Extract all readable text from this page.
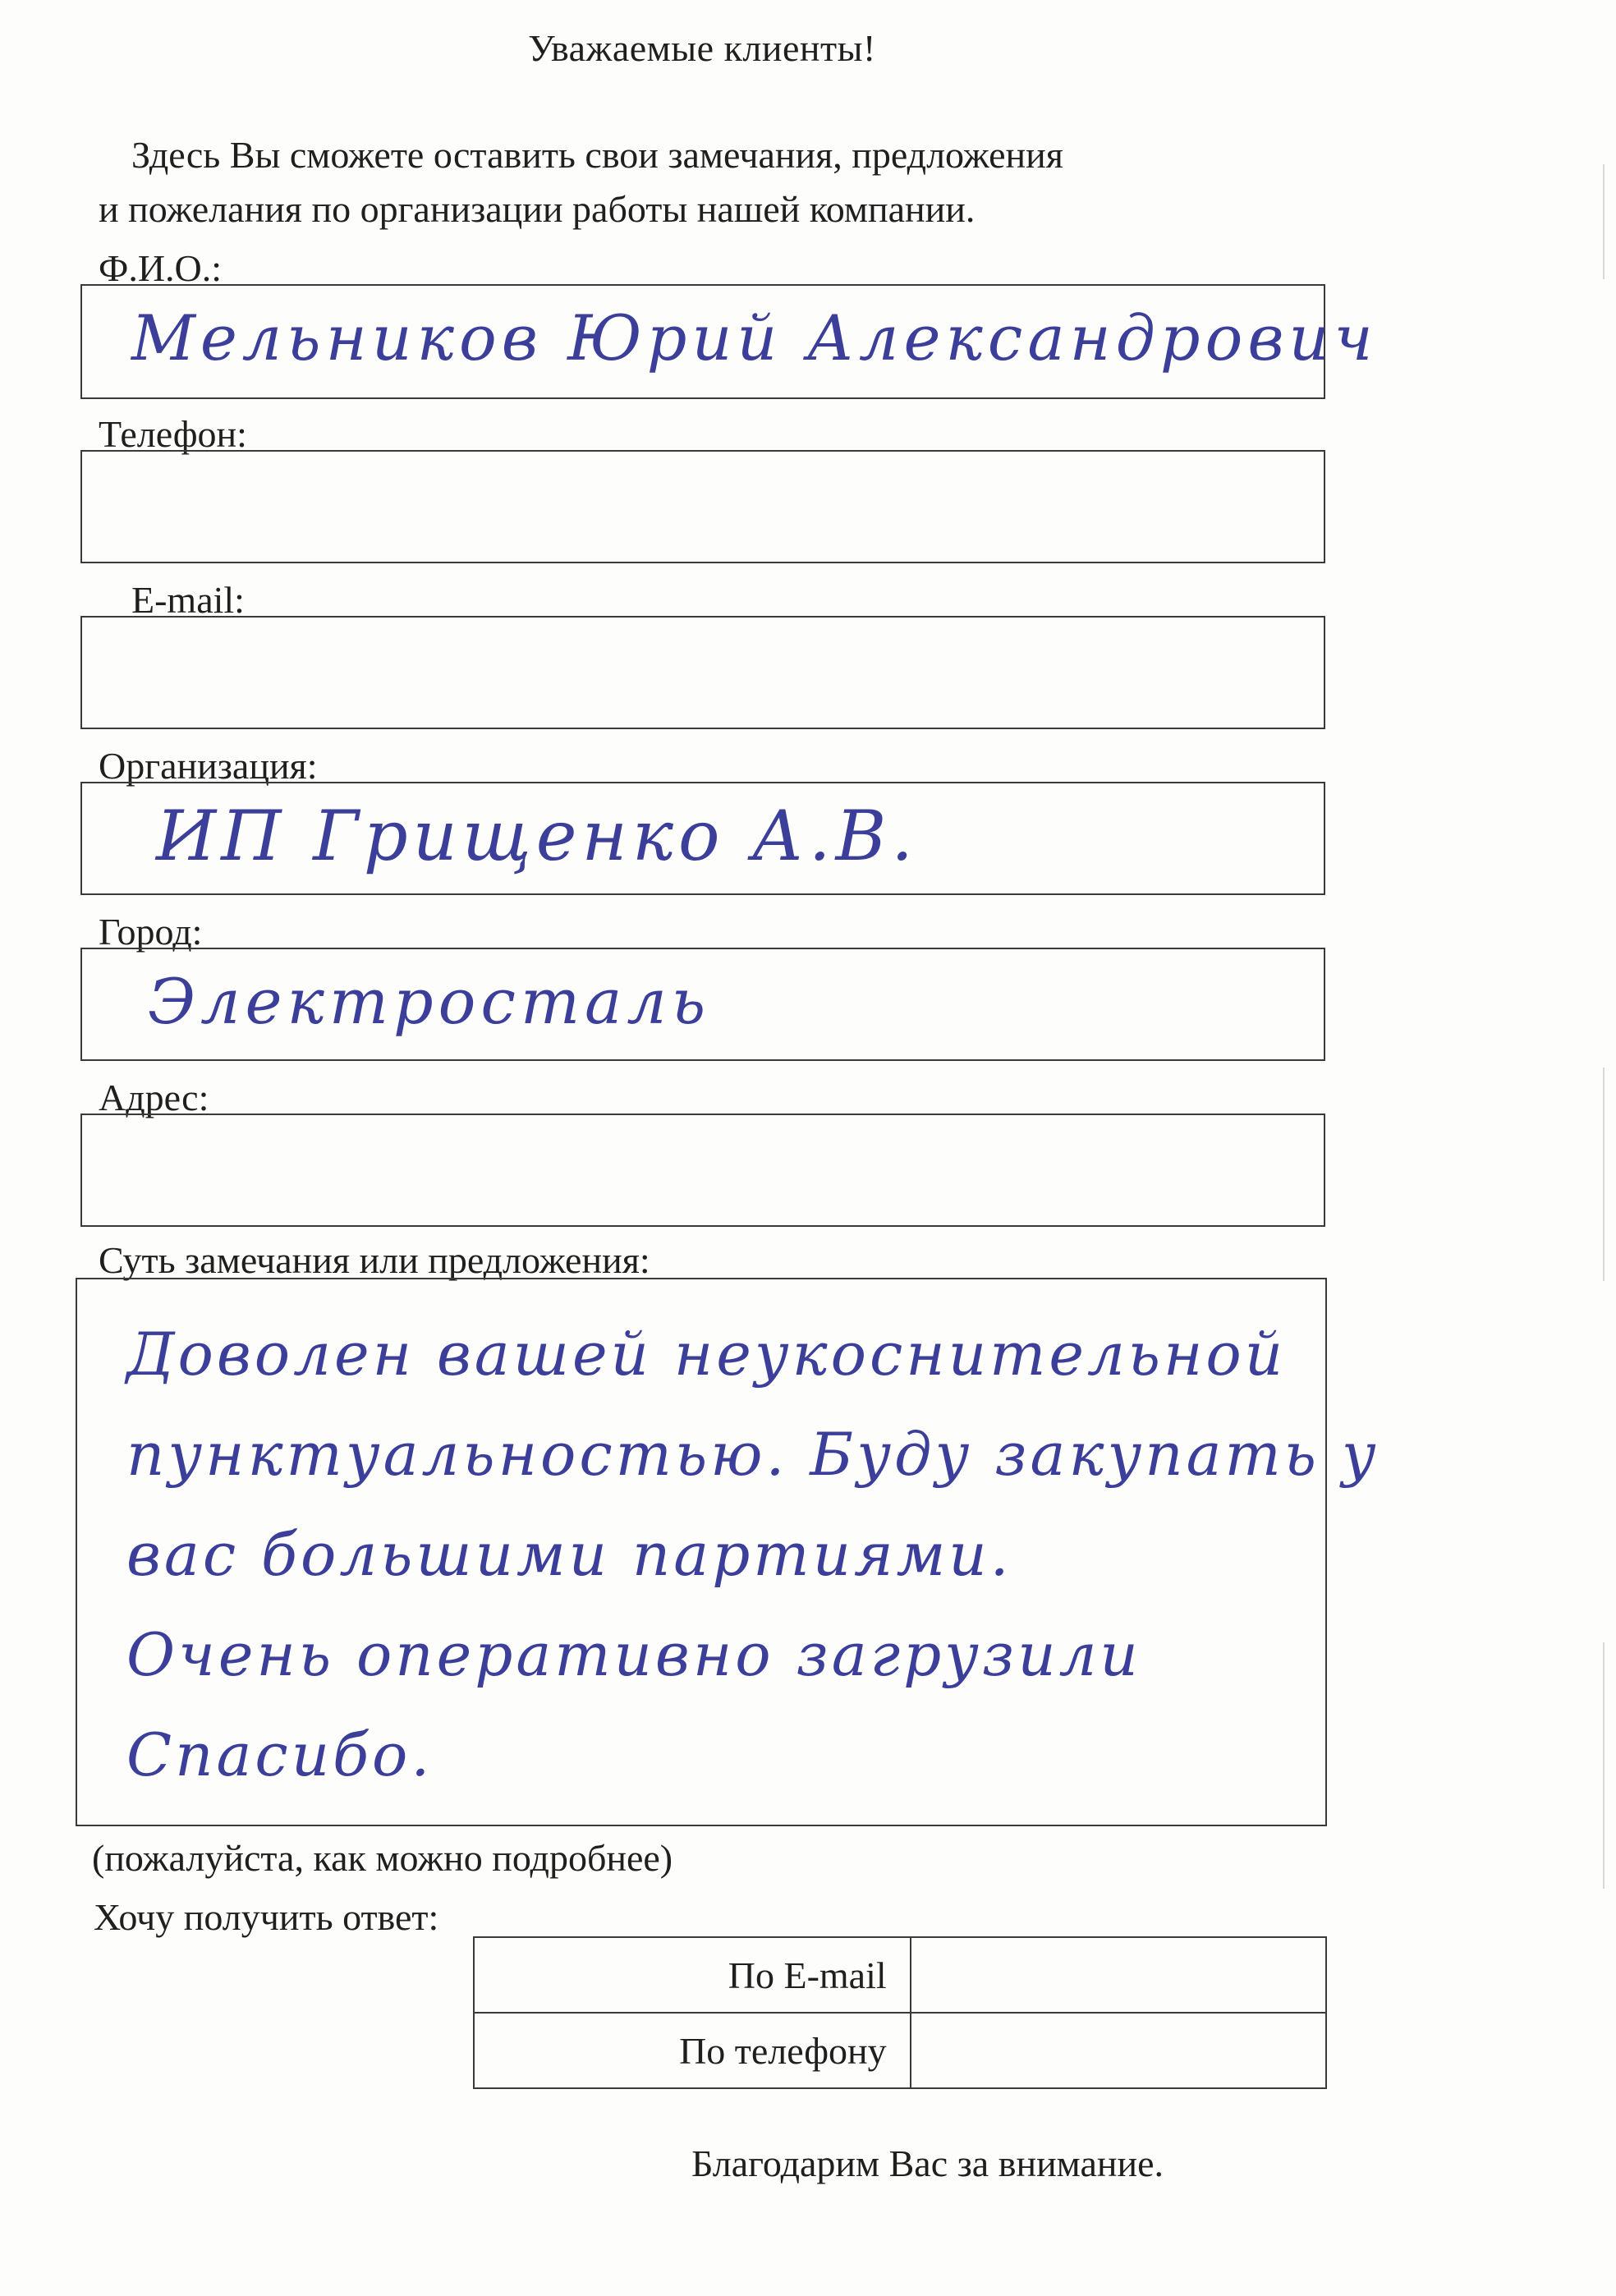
Уважаемые клиенты!
Здесь Вы сможете оставить свои замечания, предложения
и пожелания по организации работы нашей компании.
Ф.И.О.:
Мельников Юрий Александрович
Телефон:
E-mail:
Организация:
ИП Грищенко А.В.
Город:
Электросталь
Адрес:
Суть замечания или предложения:
Доволен вашей неукоснительной
пунктуальностью. Буду закупать у
вас большими партиями.
Очень оперативно загрузили
Спасибо.
(пожалуйста, как можно подробнее)
Хочу получить ответ:
По E-mail	
По телефону	
Благодарим Вас за внимание.
